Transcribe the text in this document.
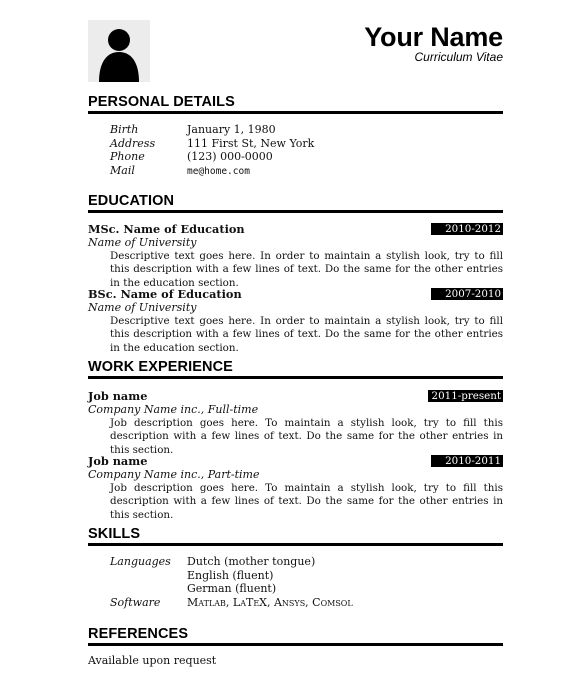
Your Name
Curriculum Vitae
PERSONAL DETAILS
Birth	January 1, 1980
Address	111 First St, New York
Phone	(123) 000-0000
Mail	me@home.com
EDUCATION
MSc. Name of Education	2010-2012
Name of University
Descriptive text goes here. In order to maintain a stylish look, try to fill this description with a few lines of text. Do the same for the other entries in the education section.
BSc. Name of Education	2007-2010
Name of University
Descriptive text goes here. In order to maintain a stylish look, try to fill this description with a few lines of text. Do the same for the other entries in the education section.
WORK EXPERIENCE
Job name	2011-present
Company Name inc., Full-time
Job description goes here. To maintain a stylish look, try to fill this description with a few lines of text. Do the same for the other entries in this section.
Job name	2010-2011
Company Name inc., Part-time
Job description goes here. To maintain a stylish look, try to fill this description with a few lines of text. Do the same for the other entries in this section.
SKILLS
Languages Dutch (mother tongue)
English (fluent)
German (fluent)
Software Matlab, LaTeX, Ansys, Comsol
REFERENCES
Available upon request
